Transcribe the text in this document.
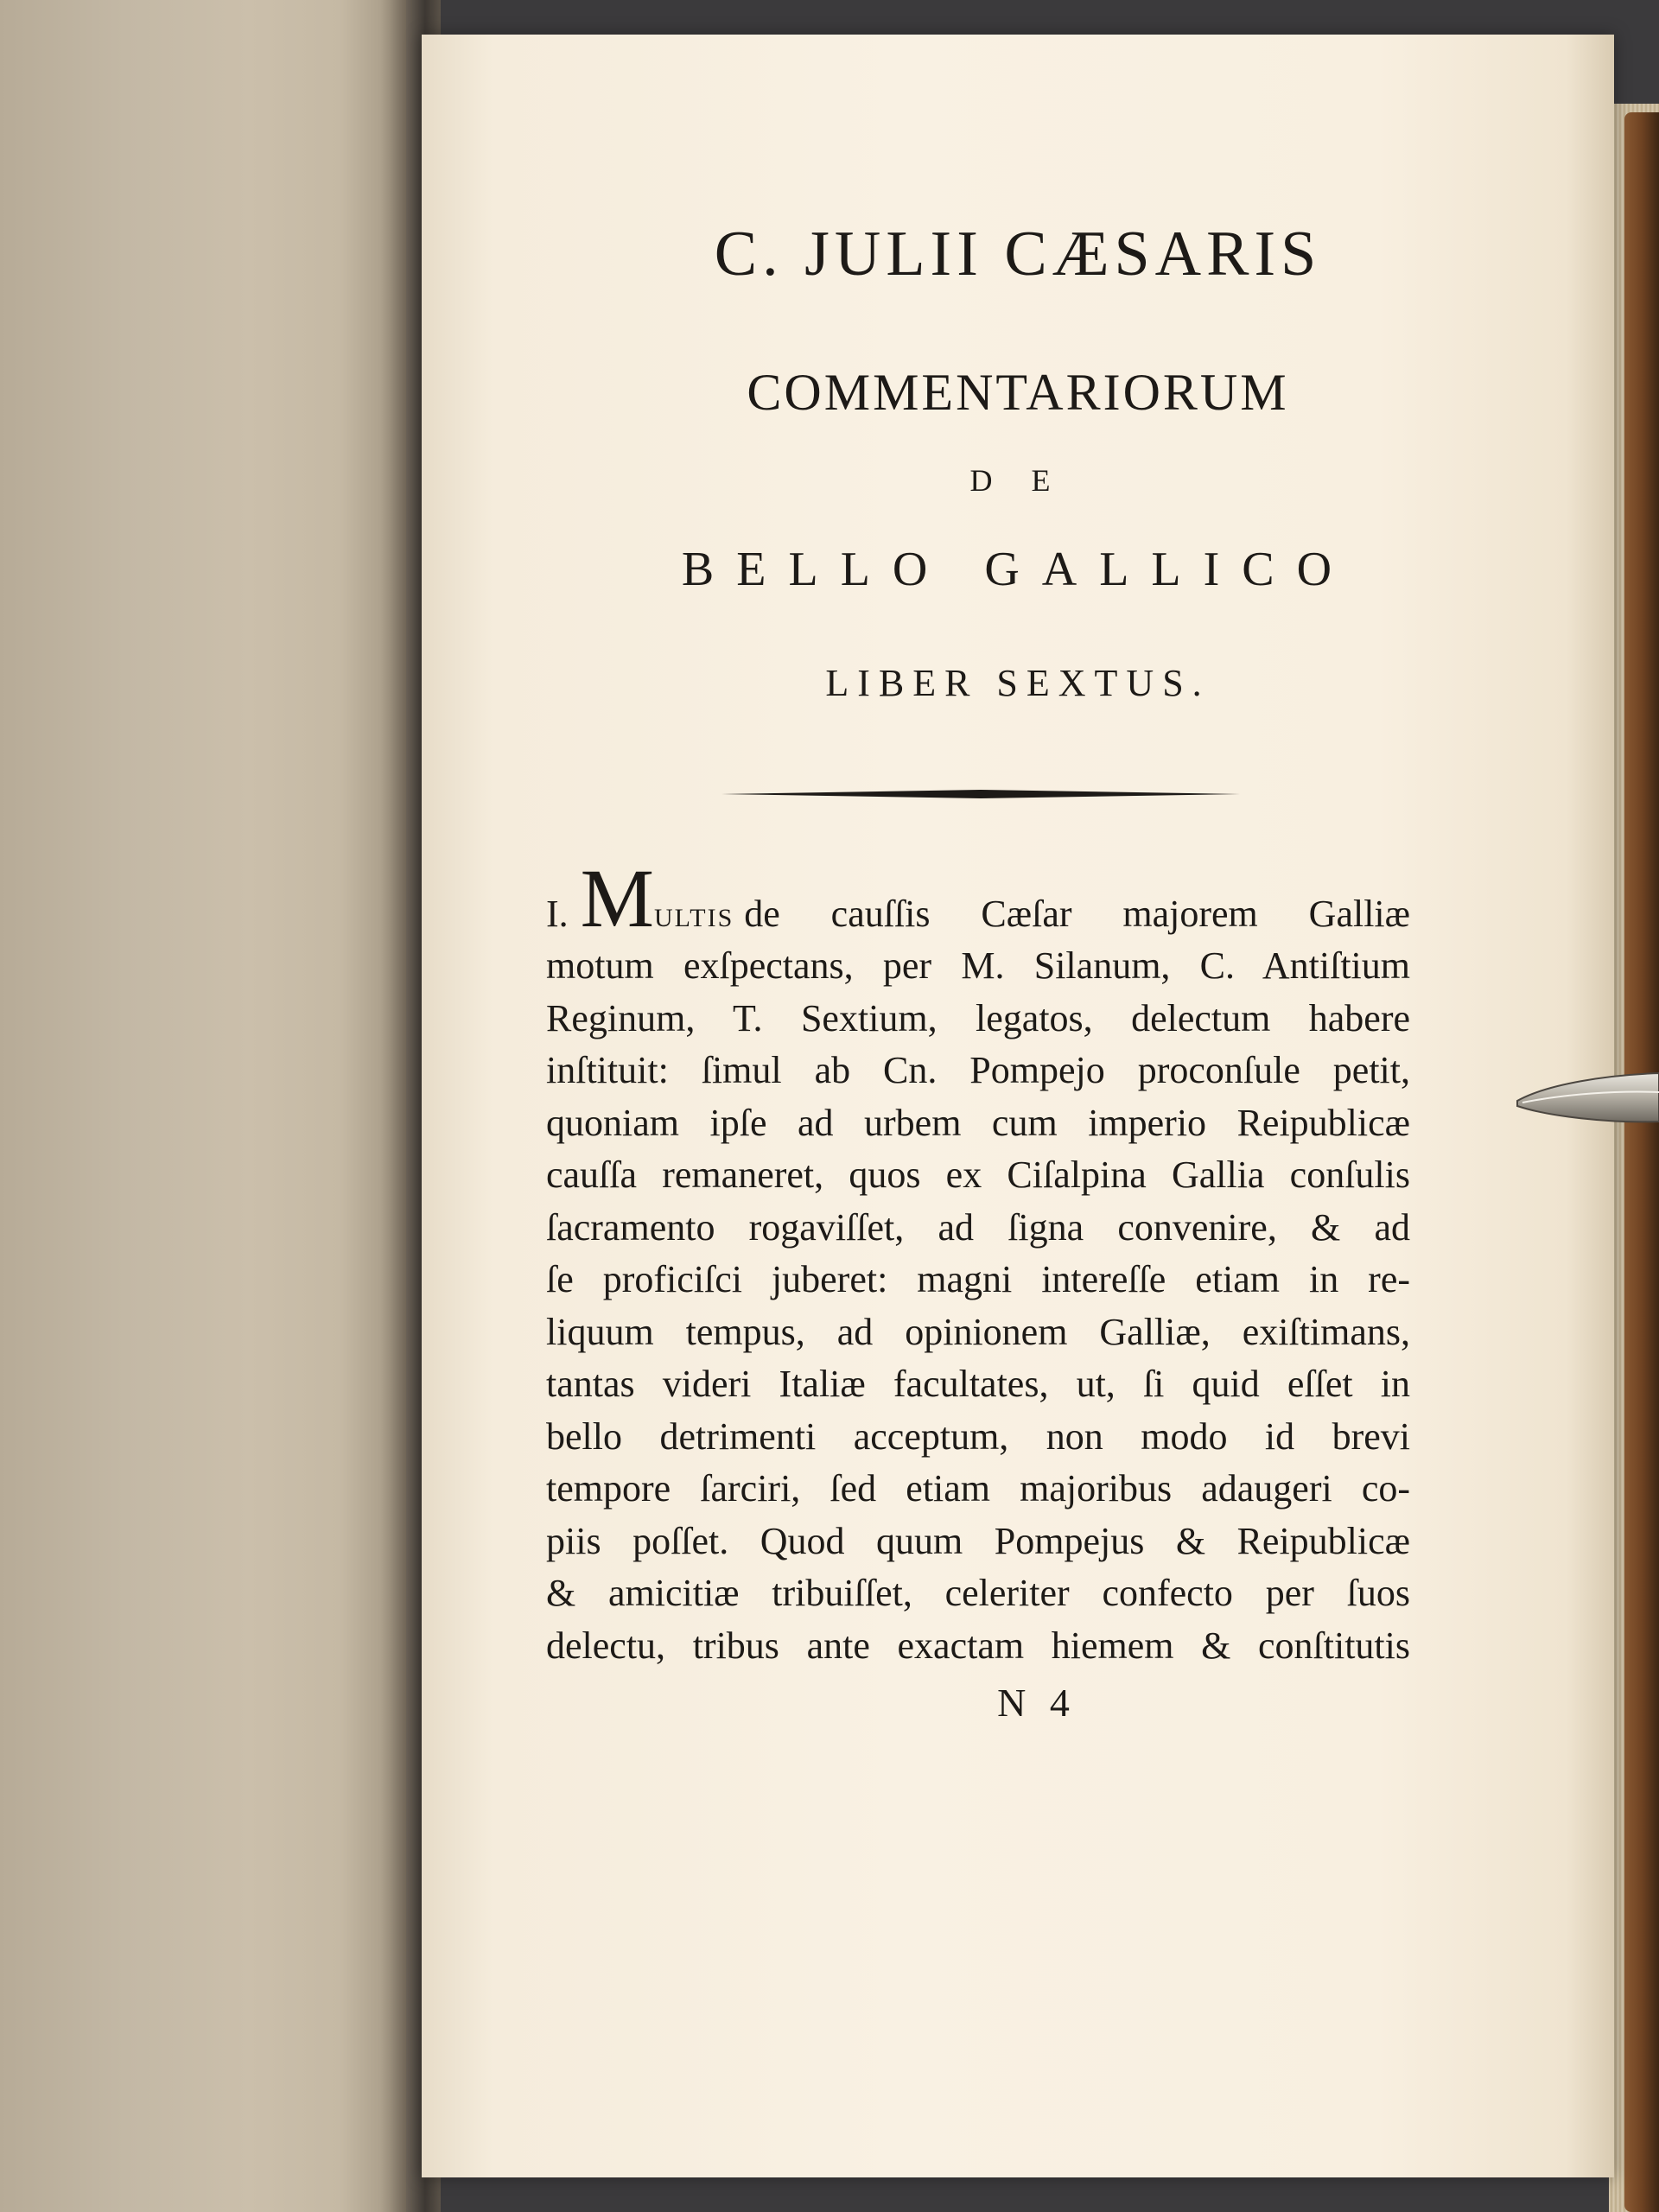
C. JULII CÆSARIS
COMMENTARIORUM
D E
BELLO GALLICO
LIBER SEXTUS.
I. MULTIS de cauſſis Cæſar majorem Galliæ
motum exſpectans, per M. Silanum, C. Antiſtium
Reginum, T. Sextium, legatos, delectum habere
inſtituit: ſimul ab Cn. Pompejo proconſule petit,
quoniam ipſe ad urbem cum imperio Reipublicæ
cauſſa remaneret, quos ex Ciſalpina Gallia conſulis
ſacramento rogaviſſet, ad ſigna convenire, & ad
ſe proficiſci juberet: magni intereſſe etiam in re-
liquum tempus, ad opinionem Galliæ, exiſtimans,
tantas videri Italiæ facultates, ut, ſi quid eſſet in
bello detrimenti acceptum, non modo id brevi
tempore ſarciri, ſed etiam majoribus adaugeri co-
piis poſſet. Quod quum Pompejus & Reipublicæ
& amicitiæ tribuiſſet, celeriter confecto per ſuos
delectu, tribus ante exactam hiemem & conſtitutis
N 4
